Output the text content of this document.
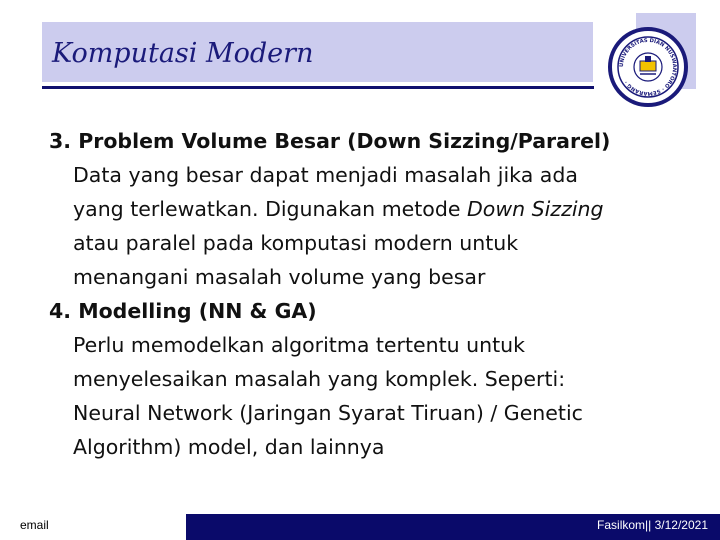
Komputasi Modern	UNIVERSITAS DIAN NUSWANTORO · SEMARANG ·
3. Problem Volume Besar (Down Sizzing/Pararel)
Data yang besar dapat menjadi masalah jika ada
yang terlewatkan. Digunakan metode Down Sizzing
atau paralel pada komputasi modern untuk
menangani masalah volume yang besar
4. Modelling (NN & GA)
Perlu memodelkan algoritma tertentu untuk
menyelesaikan masalah yang komplek. Seperti:
Neural Network (Jaringan Syarat Tiruan) / Genetic
Algorithm) model, dan lainnya
email	Fasilkom|| 3/12/2021
